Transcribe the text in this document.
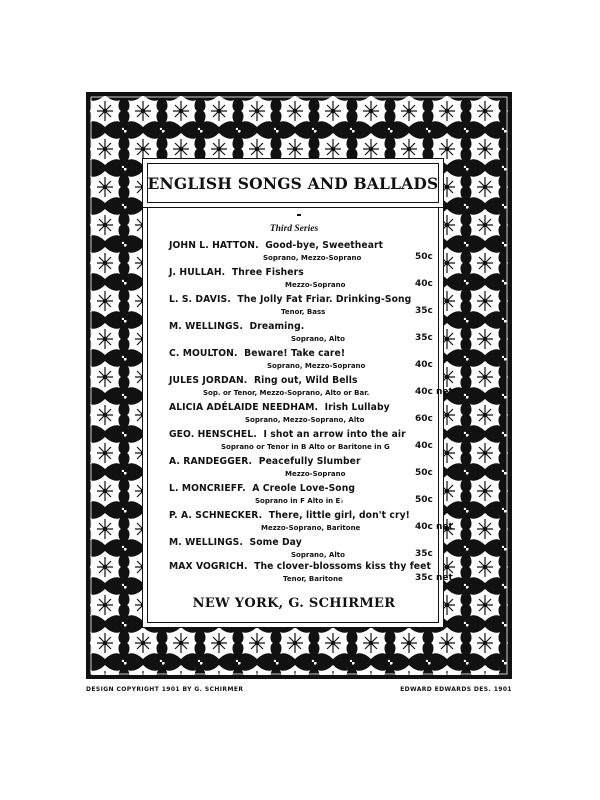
ENGLISH SONGS AND BALLADS
Third Series
JOHN L. HATTON. Good-bye, Sweetheart
Soprano, Mezzo-Soprano	50c
J. HULLAH. Three Fishers
Mezzo-Soprano	40c
L. S. DAVIS. The Jolly Fat Friar. Drinking-Song
Tenor, Bass	35c
M. WELLINGS. Dreaming.
Soprano, Alto	35c
C. MOULTON. Beware! Take care!
Soprano, Mezzo-Soprano	40c
JULES JORDAN. Ring out, Wild Bells
Sop. or Tenor, Mezzo-Soprano, Alto or Bar.	40c net
ALICIA ADÉLAIDE NEEDHAM. Irish Lullaby
Soprano, Mezzo-Soprano, Alto	60c
GEO. HENSCHEL. I shot an arrow into the air
Soprano or Tenor in B Alto or Baritone in G	40c
A. RANDEGGER. Peacefully Slumber
Mezzo-Soprano	50c
L. MONCRIEFF. A Creole Love-Song
Soprano in F Alto in E♭	50c
P. A. SCHNECKER. There, little girl, don't cry!
Mezzo-Soprano, Baritone	40c net
M. WELLINGS. Some Day
Soprano, Alto	35c
MAX VOGRICH. The clover-blossoms kiss thy feet
Tenor, Baritone	35c net
NEW YORK, G. SCHIRMER
DESIGN COPYRIGHT 1901 BY G. SCHIRMER	EDWARD EDWARDS DES. 1901
